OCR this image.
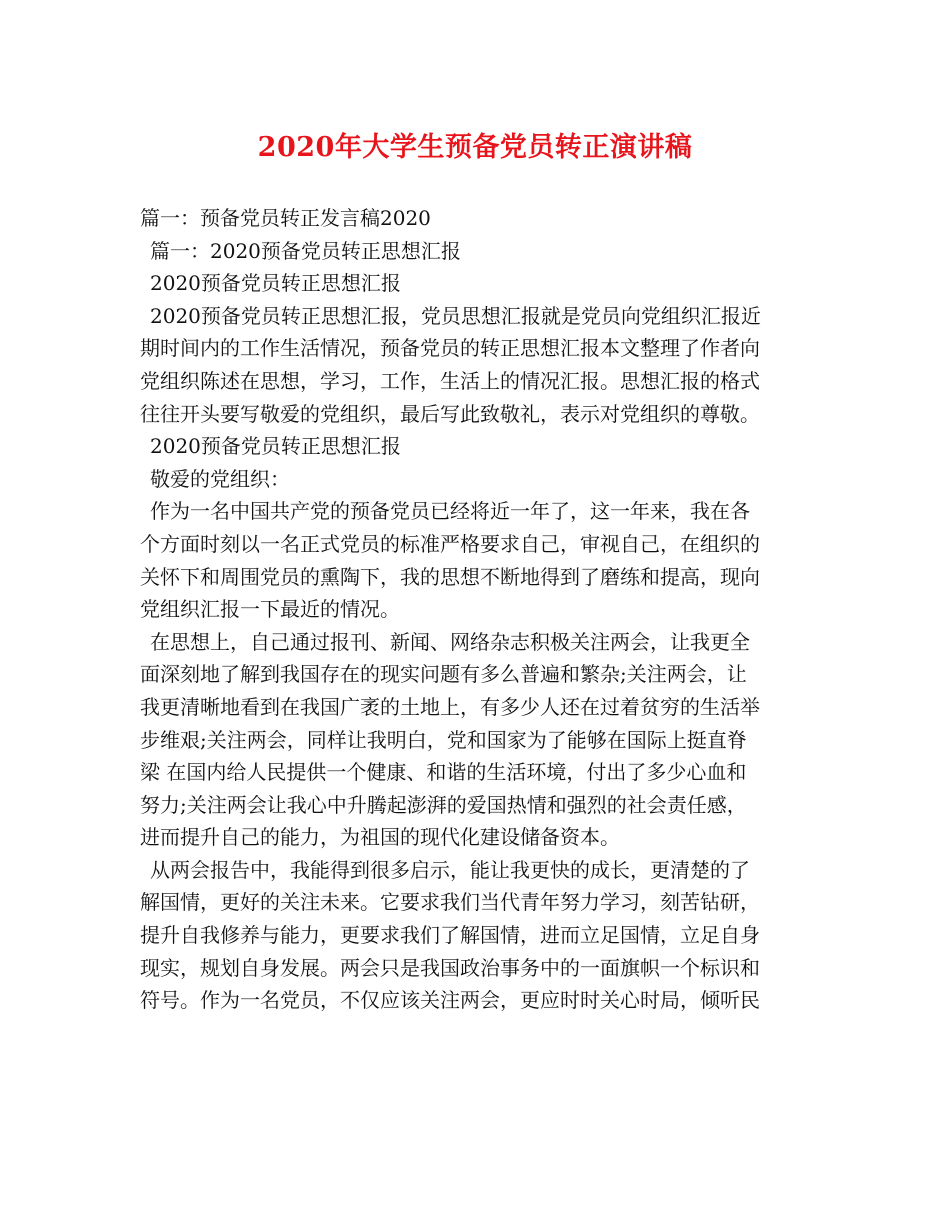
2020年大学生预备党员转正演讲稿
篇一：预备党员转正发言稿2020
篇一：2020预备党员转正思想汇报
2020预备党员转正思想汇报
2020预备党员转正思想汇报，党员思想汇报就是党员向党组织汇报近
期时间内的工作生活情况，预备党员的转正思想汇报本文整理了作者向
党组织陈述在思想，学习，工作，生活上的情况汇报。思想汇报的格式
往往开头要写敬爱的党组织，最后写此致敬礼，表示对党组织的尊敬。
2020预备党员转正思想汇报
敬爱的党组织：
作为一名中国共产党的预备党员已经将近一年了，这一年来，我在各
个方面时刻以一名正式党员的标准严格要求自己，审视自己，在组织的
关怀下和周围党员的熏陶下，我的思想不断地得到了磨练和提高，现向
党组织汇报一下最近的情况。
在思想上，自己通过报刊、新闻、网络杂志积极关注两会，让我更全
面深刻地了解到我国存在的现实问题有多么普遍和繁杂;关注两会，让
我更清晰地看到在我国广袤的土地上，有多少人还在过着贫穷的生活举
步维艰;关注两会，同样让我明白，党和国家为了能够在国际上挺直脊
梁 在国内给人民提供一个健康、和谐的生活环境，付出了多少心血和
努力;关注两会让我心中升腾起澎湃的爱国热情和强烈的社会责任感，
进而提升自己的能力，为祖国的现代化建设储备资本。
从两会报告中，我能得到很多启示，能让我更快的成长，更清楚的了
解国情，更好的关注未来。它要求我们当代青年努力学习，刻苦钻研，
提升自我修养与能力，更要求我们了解国情，进而立足国情，立足自身
现实，规划自身发展。两会只是我国政治事务中的一面旗帜一个标识和
符号。作为一名党员，不仅应该关注两会，更应时时关心时局，倾听民
